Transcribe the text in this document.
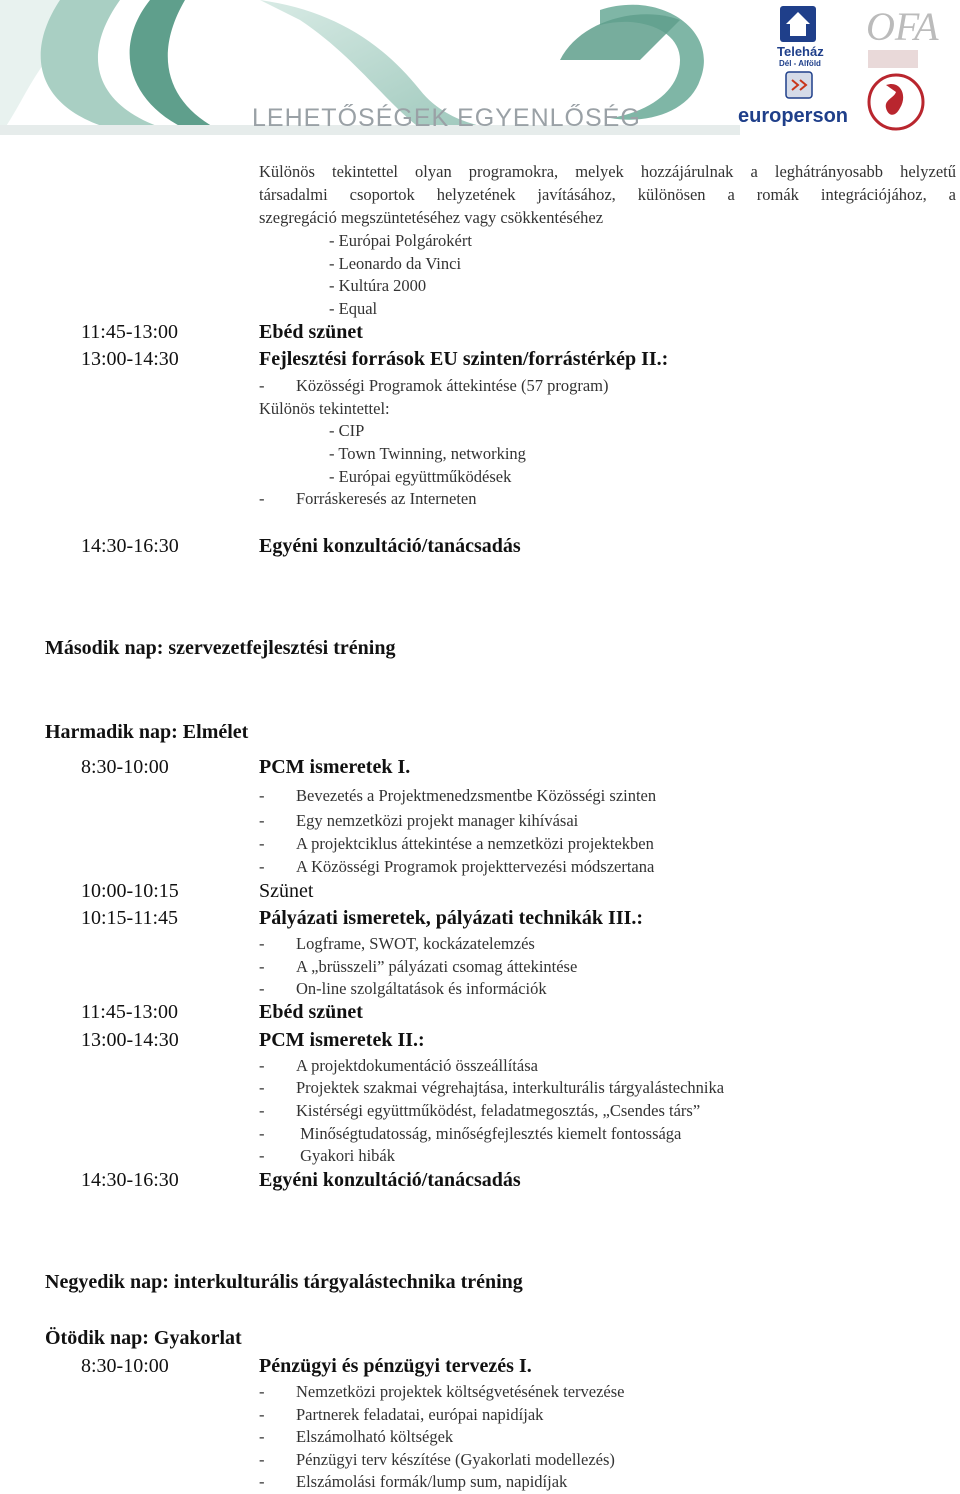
OFA
LEHETŐSÉGEK EGYENLŐSÉG
Teleház
Dél - Alföld
europerson
Különös tekintettel olyan programokra, melyek hozzájárulnak a leghátrányosabb helyzetű
társadalmi csoportok helyzetének javításához, különösen a romák integrációjához, a
szegregáció megszüntetéséhez vagy csökkentéséhez
- Európai Polgárokért
- Leonardo da Vinci
- Kultúra 2000
- Equal
11:45-13:00	Ebéd szünet
13:00-14:30	Fejlesztési források EU szinten/forrástérkép II.:
- Közösségi Programok áttekintése (57 program)
Különös tekintettel:
- CIP
- Town Twinning, networking
- Európai együttműködések
- Forráskeresés az Interneten
14:30-16:30	Egyéni konzultáció/tanácsadás
Második nap: szervezetfejlesztési tréning
Harmadik nap: Elmélet
8:30-10:00	PCM ismeretek I.
- Bevezetés a Projektmenedzsmentbe Közösségi szinten
- Egy nemzetközi projekt manager kihívásai
- A projektciklus áttekintése a nemzetközi projektekben
- A Közösségi Programok projekttervezési módszertana
10:00-10:15	Szünet
10:15-11:45	Pályázati ismeretek, pályázati technikák III.:
- Logframe, SWOT, kockázatelemzés
- A „brüsszeli” pályázati csomag áttekintése
- On-line szolgáltatások és információk
11:45-13:00	Ebéd szünet
13:00-14:30	PCM ismeretek II.:
- A projektdokumentáció összeállítása
- Projektek szakmai végrehajtása, interkulturális tárgyalástechnika
- Kistérségi együttműködést, feladatmegosztás, „Csendes társ”
- Minőségtudatosság, minőségfejlesztés kiemelt fontossága
- Gyakori hibák
14:30-16:30	Egyéni konzultáció/tanácsadás
Negyedik nap: interkulturális tárgyalástechnika tréning
Ötödik nap: Gyakorlat
8:30-10:00	Pénzügyi és pénzügyi tervezés I.
- Nemzetközi projektek költségvetésének tervezése
- Partnerek feladatai, európai napidíjak
- Elszámolható költségek
- Pénzügyi terv készítése (Gyakorlati modellezés)
- Elszámolási formák/lump sum, napidíjak
